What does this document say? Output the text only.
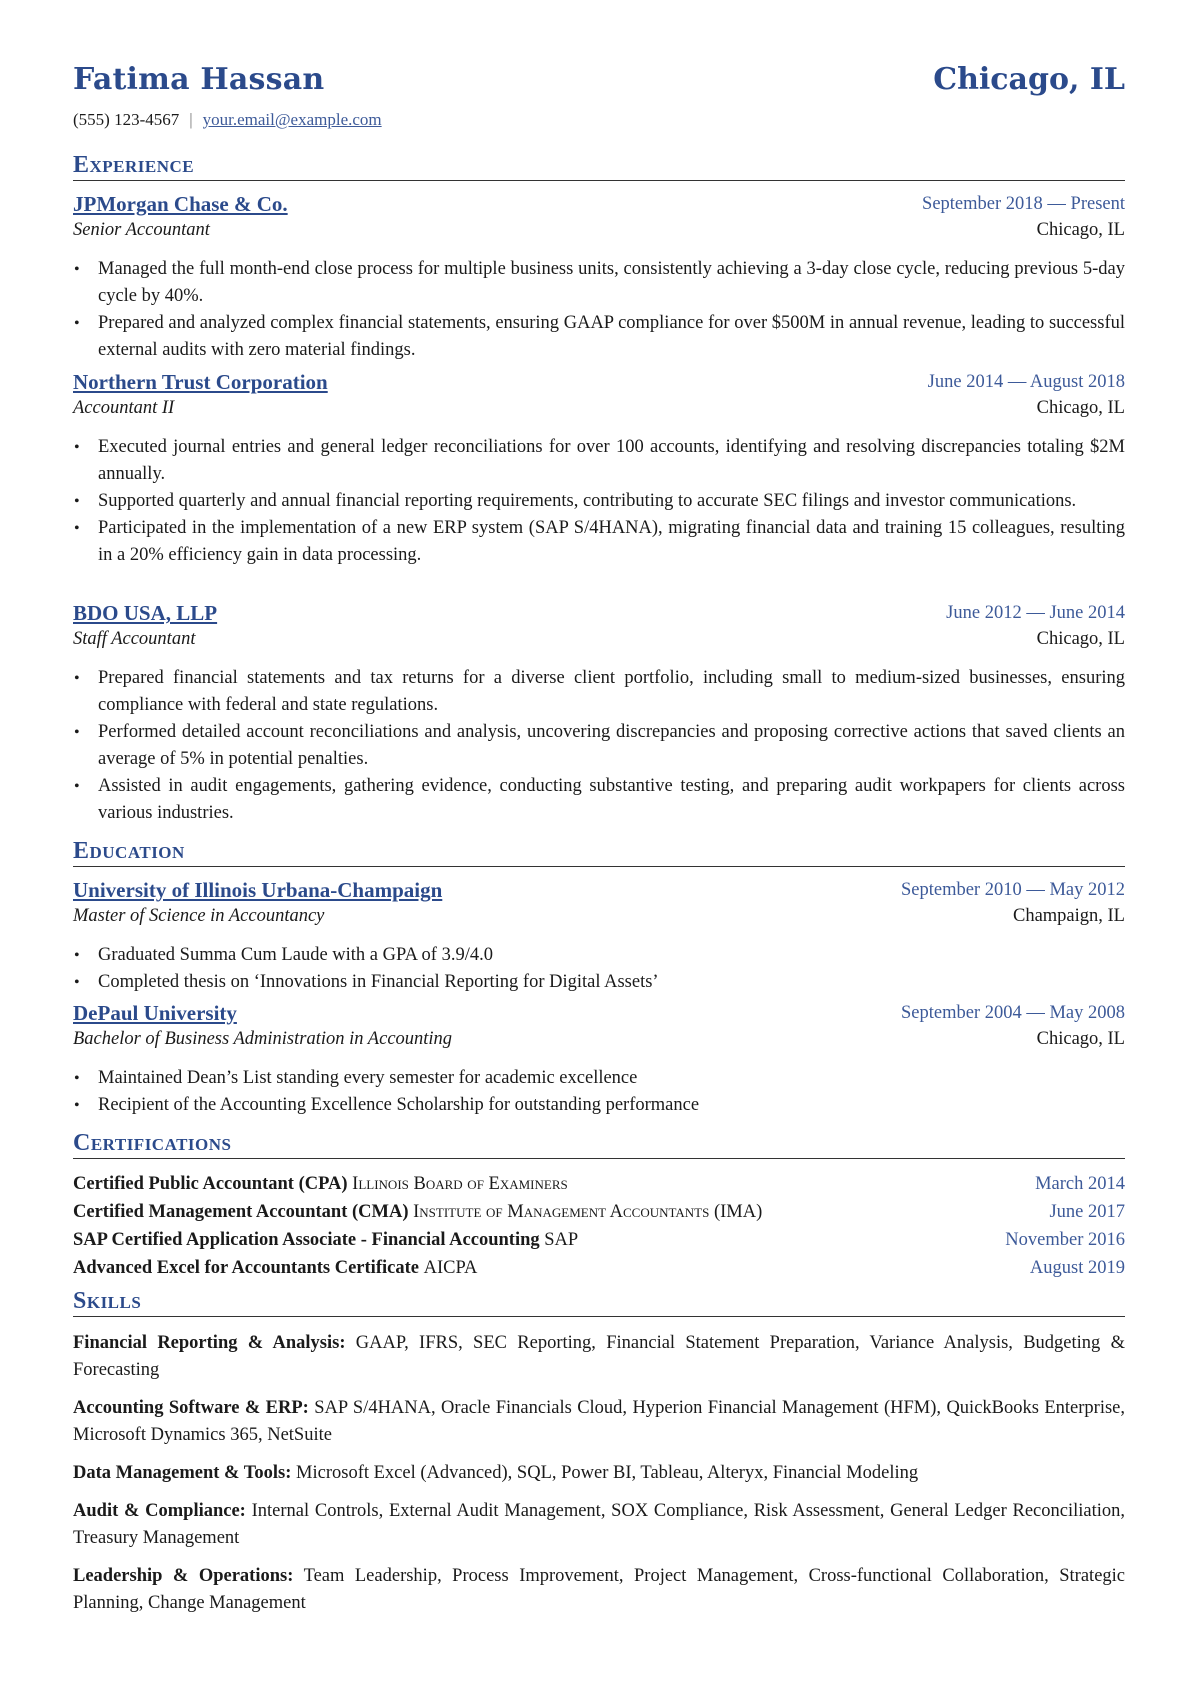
Fatima Hassan	Chicago, IL
(555) 123-4567 | your.email@example.com
Experience
JPMorgan Chase & Co.	September 2018 — Present
Senior Accountant	Chicago, IL
• Managed the full month-end close process for multiple business units, consistently achieving a 3-day close cycle, reducing previous 5-day cycle by 40%.
• Prepared and analyzed complex financial statements, ensuring GAAP compliance for over $500M in annual revenue, leading to successful external audits with zero material findings.
Northern Trust Corporation	June 2014 — August 2018
Accountant II	Chicago, IL
• Executed journal entries and general ledger reconciliations for over 100 accounts, identifying and resolving discrepancies totaling $2M annually.
• Supported quarterly and annual financial reporting requirements, contributing to accurate SEC filings and investor communications.
• Participated in the implementation of a new ERP system (SAP S/4HANA), migrating financial data and training 15 colleagues, resulting in a 20% efficiency gain in data processing.
BDO USA, LLP	June 2012 — June 2014
Staff Accountant	Chicago, IL
• Prepared financial statements and tax returns for a diverse client portfolio, including small to medium-sized businesses, ensuring compliance with federal and state regulations.
• Performed detailed account reconciliations and analysis, uncovering discrepancies and proposing corrective actions that saved clients an average of 5% in potential penalties.
• Assisted in audit engagements, gathering evidence, conducting substantive testing, and preparing audit workpapers for clients across various industries.
Education
University of Illinois Urbana-Champaign	September 2010 — May 2012
Master of Science in Accountancy	Champaign, IL
• Graduated Summa Cum Laude with a GPA of 3.9/4.0
• Completed thesis on ‘Innovations in Financial Reporting for Digital Assets’
DePaul University	September 2004 — May 2008
Bachelor of Business Administration in Accounting	Chicago, IL
• Maintained Dean’s List standing every semester for academic excellence
• Recipient of the Accounting Excellence Scholarship for outstanding performance
Certifications
Certified Public Accountant (CPA) Illinois Board of Examiners	March 2014
Certified Management Accountant (CMA) Institute of Management Accountants (IMA)	June 2017
SAP Certified Application Associate - Financial Accounting SAP	November 2016
Advanced Excel for Accountants Certificate AICPA	August 2019
Skills
Financial Reporting & Analysis: GAAP, IFRS, SEC Reporting, Financial Statement Preparation, Variance Analysis, Budgeting & Forecasting
Accounting Software & ERP: SAP S/4HANA, Oracle Financials Cloud, Hyperion Financial Management (HFM), QuickBooks Enterprise, Microsoft Dynamics 365, NetSuite
Data Management & Tools: Microsoft Excel (Advanced), SQL, Power BI, Tableau, Alteryx, Financial Modeling
Audit & Compliance: Internal Controls, External Audit Management, SOX Compliance, Risk Assessment, General Ledger Reconciliation, Treasury Management
Leadership & Operations: Team Leadership, Process Improvement, Project Management, Cross-functional Collaboration, Strategic Planning, Change Management
